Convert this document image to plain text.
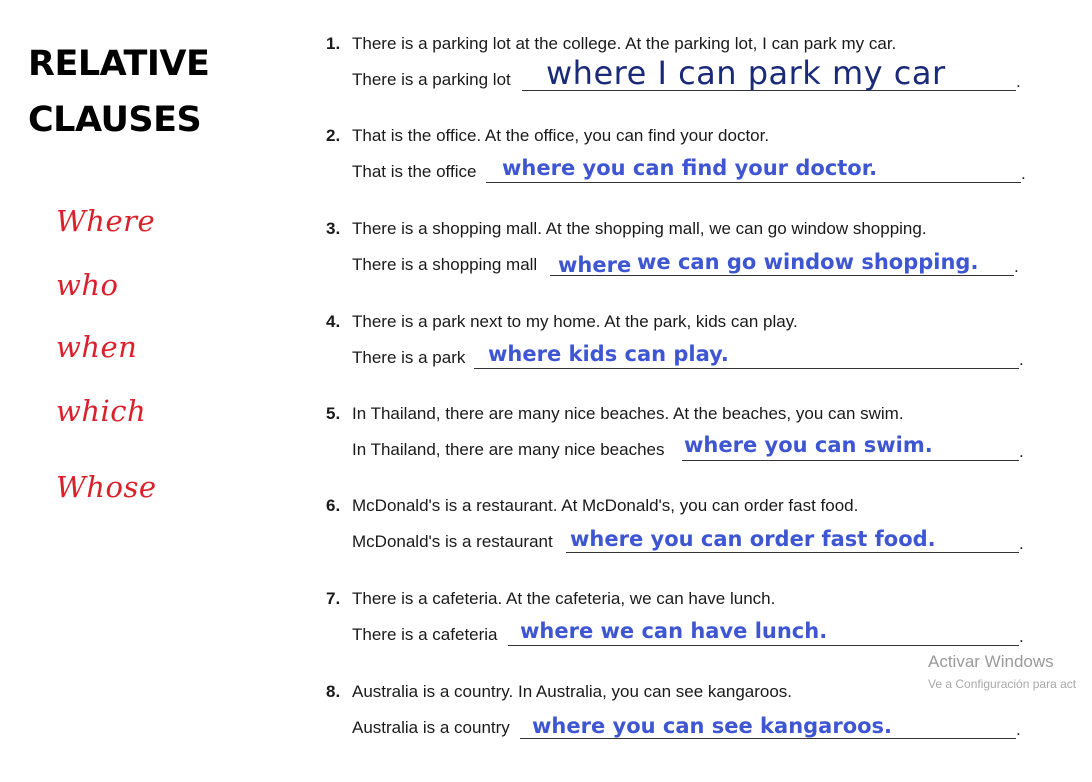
RELATIVE
CLAUSES
Where
who
when
which
Whose
1. There is a parking lot at the college. At the parking lot, I can park my car.
There is a parking lot	.
where I can park my car
2. That is the office. At the office, you can find your doctor.
That is the office	.
where you can find your doctor.
3. There is a shopping mall. At the shopping mall, we can go window shopping.
There is a shopping mall	.
where we can go window shopping.
4. There is a park next to my home. At the park, kids can play.
There is a park	.
where kids can play.
5. In Thailand, there are many nice beaches. At the beaches, you can swim.
In Thailand, there are many nice beaches	.
where you can swim.
6. McDonald's is a restaurant. At McDonald's, you can order fast food.
McDonald's is a restaurant	.
where you can order fast food.
7. There is a cafeteria. At the cafeteria, we can have lunch.
There is a cafeteria	.
where we can have lunch.
8. Australia is a country. In Australia, you can see kangaroos.
Australia is a country	.
where you can see kangaroos.
Activar Windows
Ve a Configuración para act
